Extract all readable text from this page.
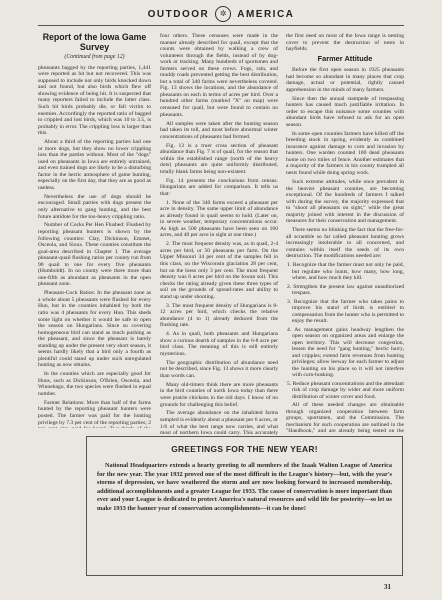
OUTDOOR	✲	AMERICA
Report of the Iowa Game Survey
(Continued from page 12)

pheasants bagged by the reporting parties, 1,441 were reported as hit but not recovered. This was supposed to include not only birds knocked down and not found, but also birds which flew off showing evidence of being hit. It is suspected that many reporters failed to include the latter class. Such hit birds probably die, or fall victim to enemies. Accordingly the reported ratio of bagged to crippled and lost birds, which was 10 to 3.5, is probably in error. The crippling loss is larger than this.

About a third of the reporting parties had one or more dogs, but they show no lower crippling loss than the parties without. Most of the "dogs" used on pheasants in Iowa are entirely untrained, and even trained dogs are likely to be a disturbing factor in the hectic atmosphere of game hunting, especially on the first day, that they are as good as useless.

Nevertheless the use of dogs should be encouraged. Small parties with dogs present the only alternative to gang hunting, and the best future antidote for the too-heavy crippling ratio.

Number of Cocks Per Hen Flushed: Flushed by reporting pheasant hunters is shown by the following counties: Clay, Dickinson, Emmet, Osceola, and Sioux. These counties constitute the goal-area described in Chapter I. The average pheasant-quail flushing ratios per county run from 90 quail to one for every five pheasants (Humboldt). In no county were there more than one-fifth as abundant as pheasants in the open pheasant zone.

Pheasant-Cock Ratios: In the pheasant zone as a whole about 5 pheasants were flushed for every Hun, but in the counties inhabited by both the ratio was 4 pheasants for every Hun. This sheds some light on whether it would be safe to open the season on Hungarians. Since so covering homogeneous bird can stand as much pushing as the pheasant, and since the pheasant is barely standing up under the present very short season, it seems hardly likely that a bird only a fourth as plentiful could stand up under such unregulated hunting as now obtains.

In the counties which are especially good for Huns, such as Dickinson, O'Brien, Osceola, and Winnebago, the two species were flushed in equal number.

Farmer Relations: More than half of the farms hunted by the reporting pheasant hunters were posted. The farmer was paid for the hunting privilege by 7.3 per cent of the reporting parties; 2

four others. These censuses were made in the manner already described for quail, except that the counts were obtained by walking a crew of volunteers through the fields, instead of by dog-work or tracking. Many hundreds of sportsmen and farmers served on these crews. Fogs, rain, and muddy roads prevented getting the best distribution, but a total of 340 farms were nevertheless covered. Fig. 13 shows the locations, and the abundance of pheasants on each in terms of acres per bird. Over a hundred other farms (marked "X" on map) were censused for quail, but were found to contain no pheasants.

All samples were taken after the hunting season had taken its toll, and most before abnormal winter concentrations of pheasants had formed.

Fig. 13 is a truer cross section of pheasant abundance than Fig. 7 is of quail, for the reason that within the established range (north of the heavy dots) pheasants are quite uniformly distributed, totally blank farms being non-existent.

Fig. 14 presents the conclusions from census. Hungarians are added for comparison. It tells us that:

1. None of the 340 farms exceed a pheasant per acre in density. The same upper limit of abundance as already found in quail seems to hold. (Later on, in severe weather, temporary concentrations occur. As high as 500 pheasants have been seen on 160 acres, and 40 per acre in sight at one time.)

2. The most frequent density was, as in quail, 2-4 acres per bird, or 50 pheasants per farm. On the Upper Missouri 34 per cent of the samples fell in this class, on the Wisconsin glaciation 28 per cent, but on the loess only 3 per cent. The most frequent density was 6 acres per bird on the Iowan soil. This checks the rating already given these three types of soil on the grounds of spread-rates and ability to stand up under shooting.

3. The most frequent density of Hungarians is 8-12 acres per bird, which checks the relative abundance (4 to 1) already deduced from the flushing rate.

4. As in quail, both pheasants and Hungarians show a curious dearth of samples in the 6-8 acre per bird class. The meaning of this is still entirely mysterious.

The geographic distribution of abundance need not be described, since Fig. 13 shows it more clearly than words can.

Many old-timers think there are more pheasants in the bird counties of north Iowa today than there were prairie chickens in the old days. I know of no grounds for challenging this belief.

The average abundance on the inhabited farms sampled is evidently about a pheasant per 6 acres, or 1/6 of what the best range now carries, and what most of northern Iowa could carry. This accurately

the first need on most of the Iowa range is nesting cover to prevent the destruction of nests in hayfields.

Farmer Attitude

Before the first open season in 1925 pheasants had become so abundant in many places that crop damage, actual or potential, rightly caused apprehension in the minds of many farmers.

Since then the annual stampede of trespassing hunters has caused much justifiable irritation. In order to escape this nuisance some counties with abundant birds have refused to ask for an open season.

In some open counties farmers have killed off the breeding stock in spring, evidently as combined insurance against damage to corn and invasion by hunters. One warden counted 100 dead pheasants home on two miles of fence. Another estimates that a majority of the farmers in his county trampled all nests found while doing spring work.

Such extreme attitudes, while once prevalent in the heavier pheasant counties, are becoming exceptional. Of the hundreds of farmers I talked with during the survey, the majority expressed that to "shoot all pheasants on sight," while the great majority joined with interest in the discussion of measures for their conservation and management.

There seems no blinking the fact that the free-for-all scramble so far called pheasant hunting grows increasingly intolerable to all concerned, and contains within itself the seeds of its own destruction. The modifications needed are:

1. Recognize that the farmer must not only be paid, but regulate who hunts, how many, how long, where, and how much they kill.

2. Strengthen the present law against unauthorized trespass.

3. Recognize that the farmer who takes pains to improve his stand of birds is entitled to compensation from the hunter who is permitted to enjoy the result.

4. As management gains headway lengthen the open season on organized areas and enlarge the open territory. This will decrease congestion, lessen the need for "gang hunting," hectic hurry, and cripples; extend farm revenues from hunting privileges; allow leeway for each farmer to adjust the hunting on his place so it will not interfere with corn-husking.

5. Reduce pheasant concentrations and the attendant risk of crop damage by wider and more uniform distribution of winter cover and food.

All of these needed changes are obtainable through organized cooperation between farm groups, sportsmen, and the Commission. The mechanism for such cooperation are outlined in the "Handbook," and are already being tested on the

GREETINGS FOR THE NEW YEAR!

National Headquarters extends a hearty greeting to all members of the Izaak Walton League of America for the new year. The year 1932 proved one of the most difficult in the League's history—but, with the year's storms of depression, we have weathered the storm and are now looking forward to increased membership, additional accomplishments and a greater League for 1933. The cause of conservation is more important than ever and your League is dedicated to protect America's natural resources and wild life for posterity—so let us make 1933 the banner year of conservation accomplishments—it can be done!

31
